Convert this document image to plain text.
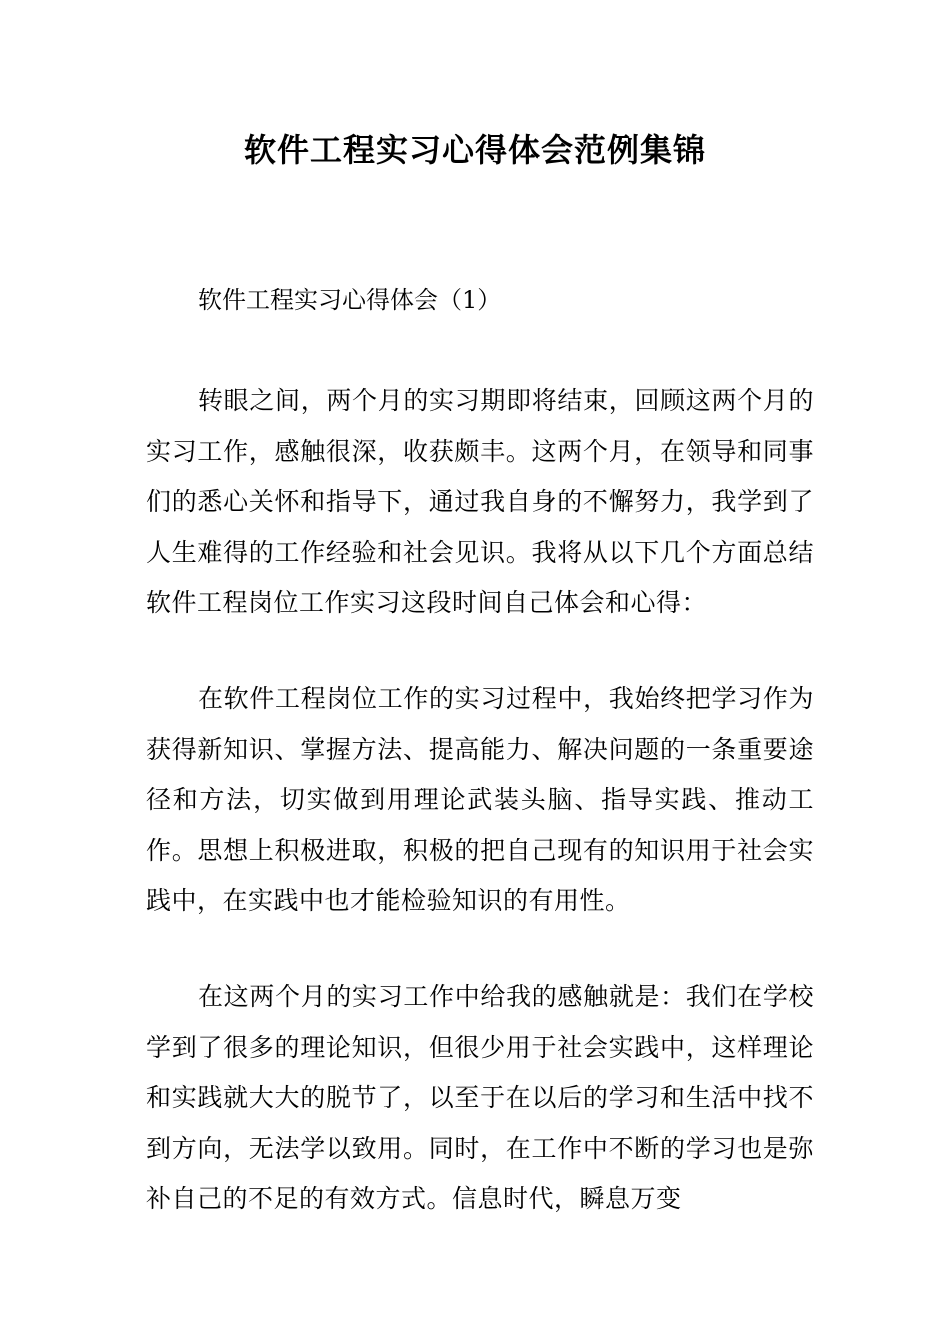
软件工程实习心得体会范例集锦

软件工程实习心得体会（1）

转眼之间，两个月的实习期即将结束，回顾这两个月的实习工作，感触很深，收获颇丰。这两个月，在领导和同事们的悉心关怀和指导下，通过我自身的不懈努力，我学到了人生难得的工作经验和社会见识。我将从以下几个方面总结软件工程岗位工作实习这段时间自己体会和心得：

在软件工程岗位工作的实习过程中，我始终把学习作为获得新知识、掌握方法、提高能力、解决问题的一条重要途径和方法，切实做到用理论武装头脑、指导实践、推动工作。思想上积极进取，积极的把自己现有的知识用于社会实践中，在实践中也才能检验知识的有用性。

在这两个月的实习工作中给我的感触就是：我们在学校学到了很多的理论知识，但很少用于社会实践中，这样理论和实践就大大的脱节了，以至于在以后的学习和生活中找不到方向，无法学以致用。同时，在工作中不断的学习也是弥补自己的不足的有效方式。信息时代，瞬息万变
